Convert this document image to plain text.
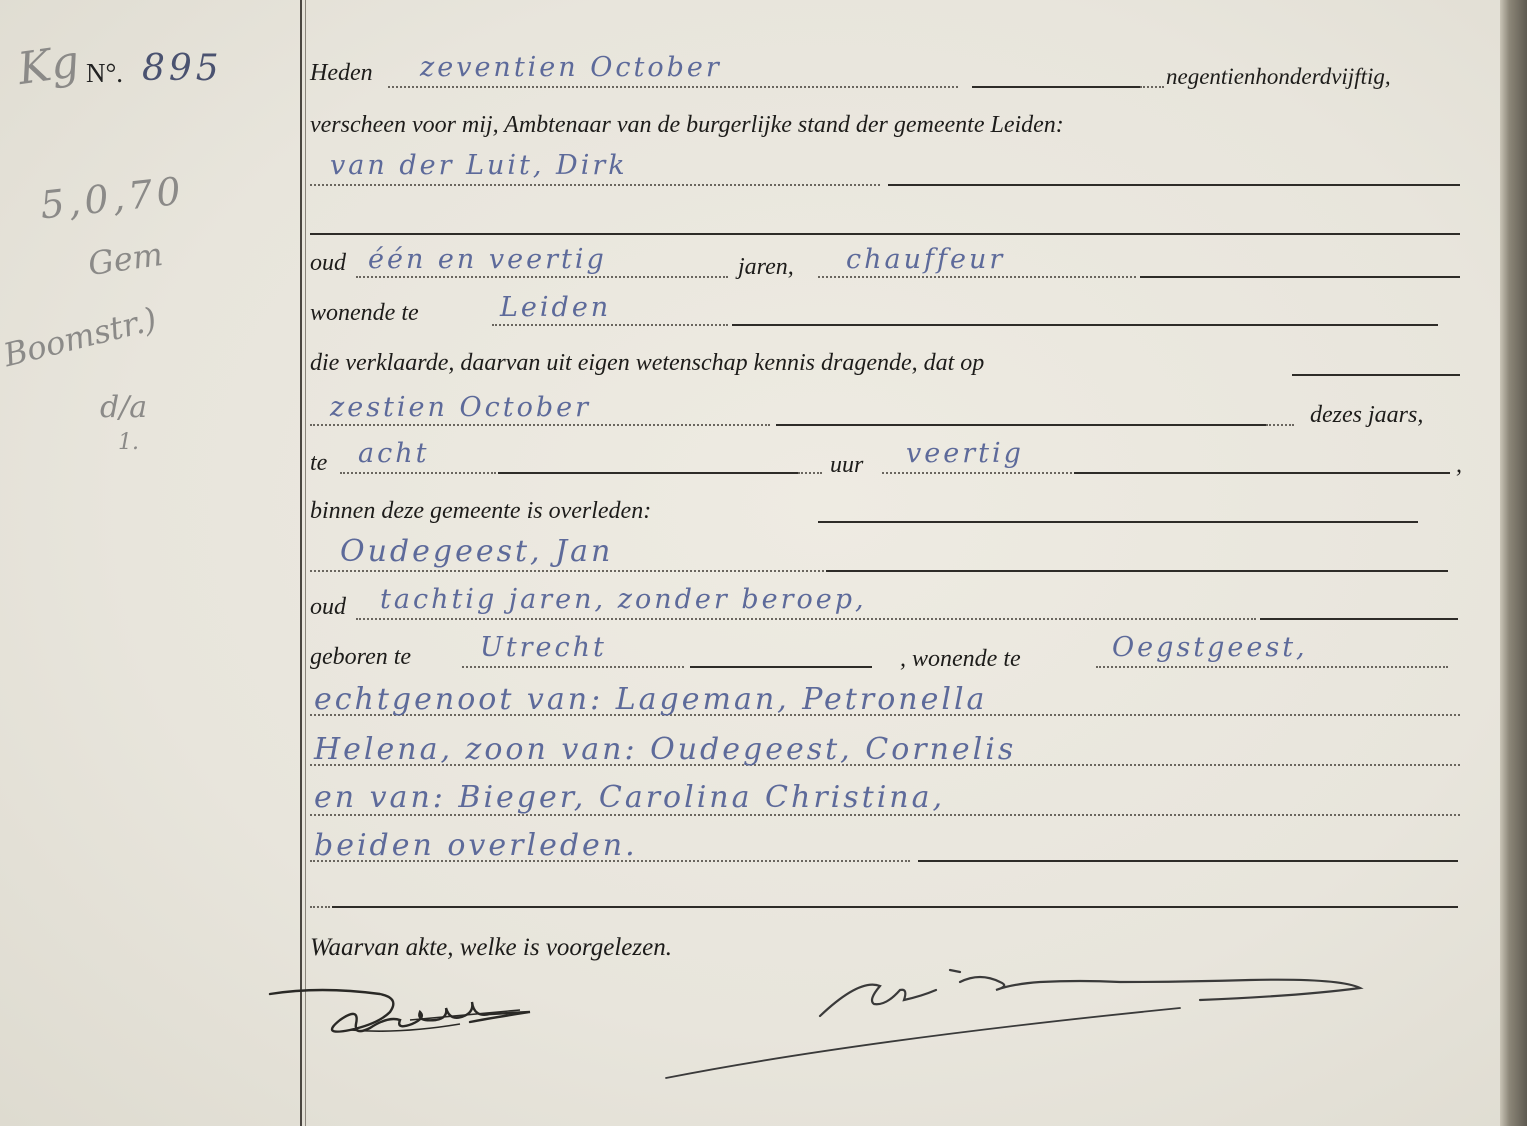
N°. 895
Kg
5,0,70
Gem
Boomstr.)
d/a
1.
Heden zeventien October	negentienhonderdvijftig,
verscheen voor mij, Ambtenaar van de burgerlijke stand der gemeente Leiden:
van der Luit, Dirk
oud één en veertig	jaren, chauffeur
wonende te	Leiden
die verklaarde, daarvan uit eigen wetenschap kennis dragende, dat op
zestien October	dezes jaars,
te acht	uur veertig	,
binnen deze gemeente is overleden:
Oudegeest, Jan
oud tachtig jaren, zonder beroep,
geboren te	Utrecht	, wonende te	Oegstgeest,
echtgenoot van: Lageman, Petronella
Helena, zoon van: Oudegeest, Cornelis
en van: Bieger, Carolina Christina,
beiden overleden.
Waarvan akte, welke is voorgelezen.
